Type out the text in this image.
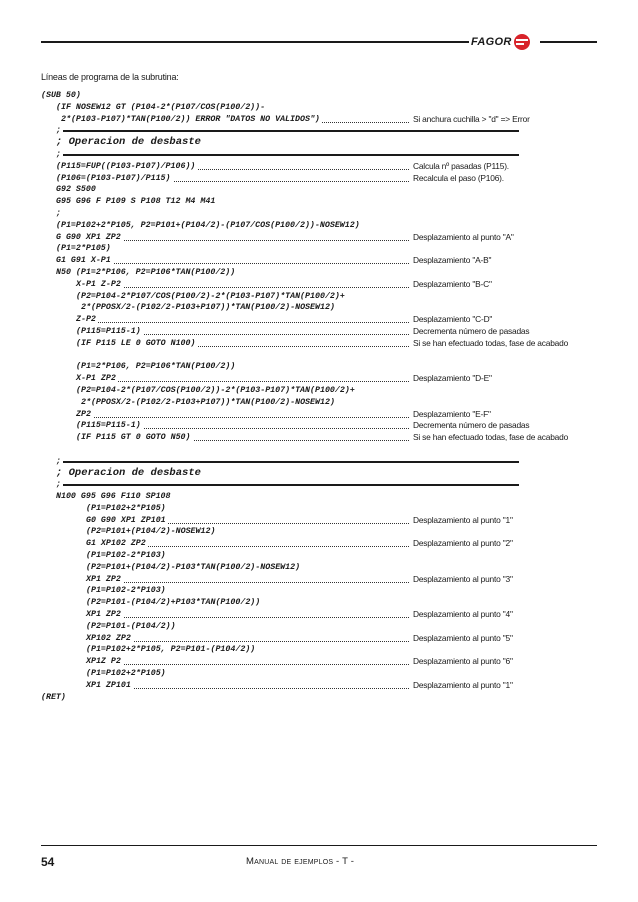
FAGOR
Líneas de programa de la subrutina:
(SUB 50)
(IF NOSEW12 GT (P104-2*(P107/COS(P100/2))-
2*(P103-P107)*TAN(P100/2)) ERROR "DATOS NO VALIDOS")	Si anchura cuchilla > "d" => Error
;
; Operacion de desbaste
;
(P115=FUP((P103-P107)/P106))	Calcula nº pasadas (P115).
(P106=(P103-P107)/P115)	Recalcula el paso (P106).
G92 S500
G95 G96 F P109 S P108 T12 M4 M41
;
(P1=P102+2*P105, P2=P101+(P104/2)-(P107/COS(P100/2))-NOSEW12)
G G90 XP1 ZP2	Desplazamiento al punto "A"
(P1=2*P105)
G1 G91 X-P1	Desplazamiento "A-B"
N50 (P1=2*P106, P2=P106*TAN(P100/2))
X-P1 Z-P2	Desplazamiento "B-C"
(P2=P104-2*P107/COS(P100/2)-2*(P103-P107)*TAN(P100/2)+
2*(PPOSX/2-(P102/2-P103+P107))*TAN(P100/2)-NOSEW12)
Z-P2	Desplazamiento "C-D"
(P115=P115-1)	Decrementa número de pasadas
(IF P115 LE 0 GOTO N100)	Si se han efectuado todas, fase de acabado
(P1=2*P106, P2=P106*TAN(P100/2))
X-P1 ZP2	Desplazamiento "D-E"
(P2=P104-2*(P107/COS(P100/2))-2*(P103-P107)*TAN(P100/2)+
2*(PPOSX/2-(P102/2-P103+P107))*TAN(P100/2)-NOSEW12)
ZP2	Desplazamiento "E-F"
(P115=P115-1)	Decrementa número de pasadas
(IF P115 GT 0 GOTO N50)	Si se han efectuado todas, fase de acabado
;
; Operacion de desbaste
;
N100 G95 G96 F110 SP108
(P1=P102+2*P105)
G0 G90 XP1 ZP101	Desplazamiento al punto "1"
(P2=P101+(P104/2)-NOSEW12)
G1 XP102 ZP2	Desplazamiento al punto "2"
(P1=P102-2*P103)
(P2=P101+(P104/2)-P103*TAN(P100/2)-NOSEW12)
XP1 ZP2	Desplazamiento al punto "3"
(P1=P102-2*P103)
(P2=P101-(P104/2)+P103*TAN(P100/2))
XP1 ZP2	Desplazamiento al punto "4"
(P2=P101-(P104/2))
XP102 ZP2	Desplazamiento al punto "5"
(P1=P102+2*P105, P2=P101-(P104/2))
XP1Z P2	Desplazamiento al punto "6"
(P1=P102+2*P105)
XP1 ZP101	Desplazamiento al punto "1"
(RET)
54	Manual de ejemplos - T -
